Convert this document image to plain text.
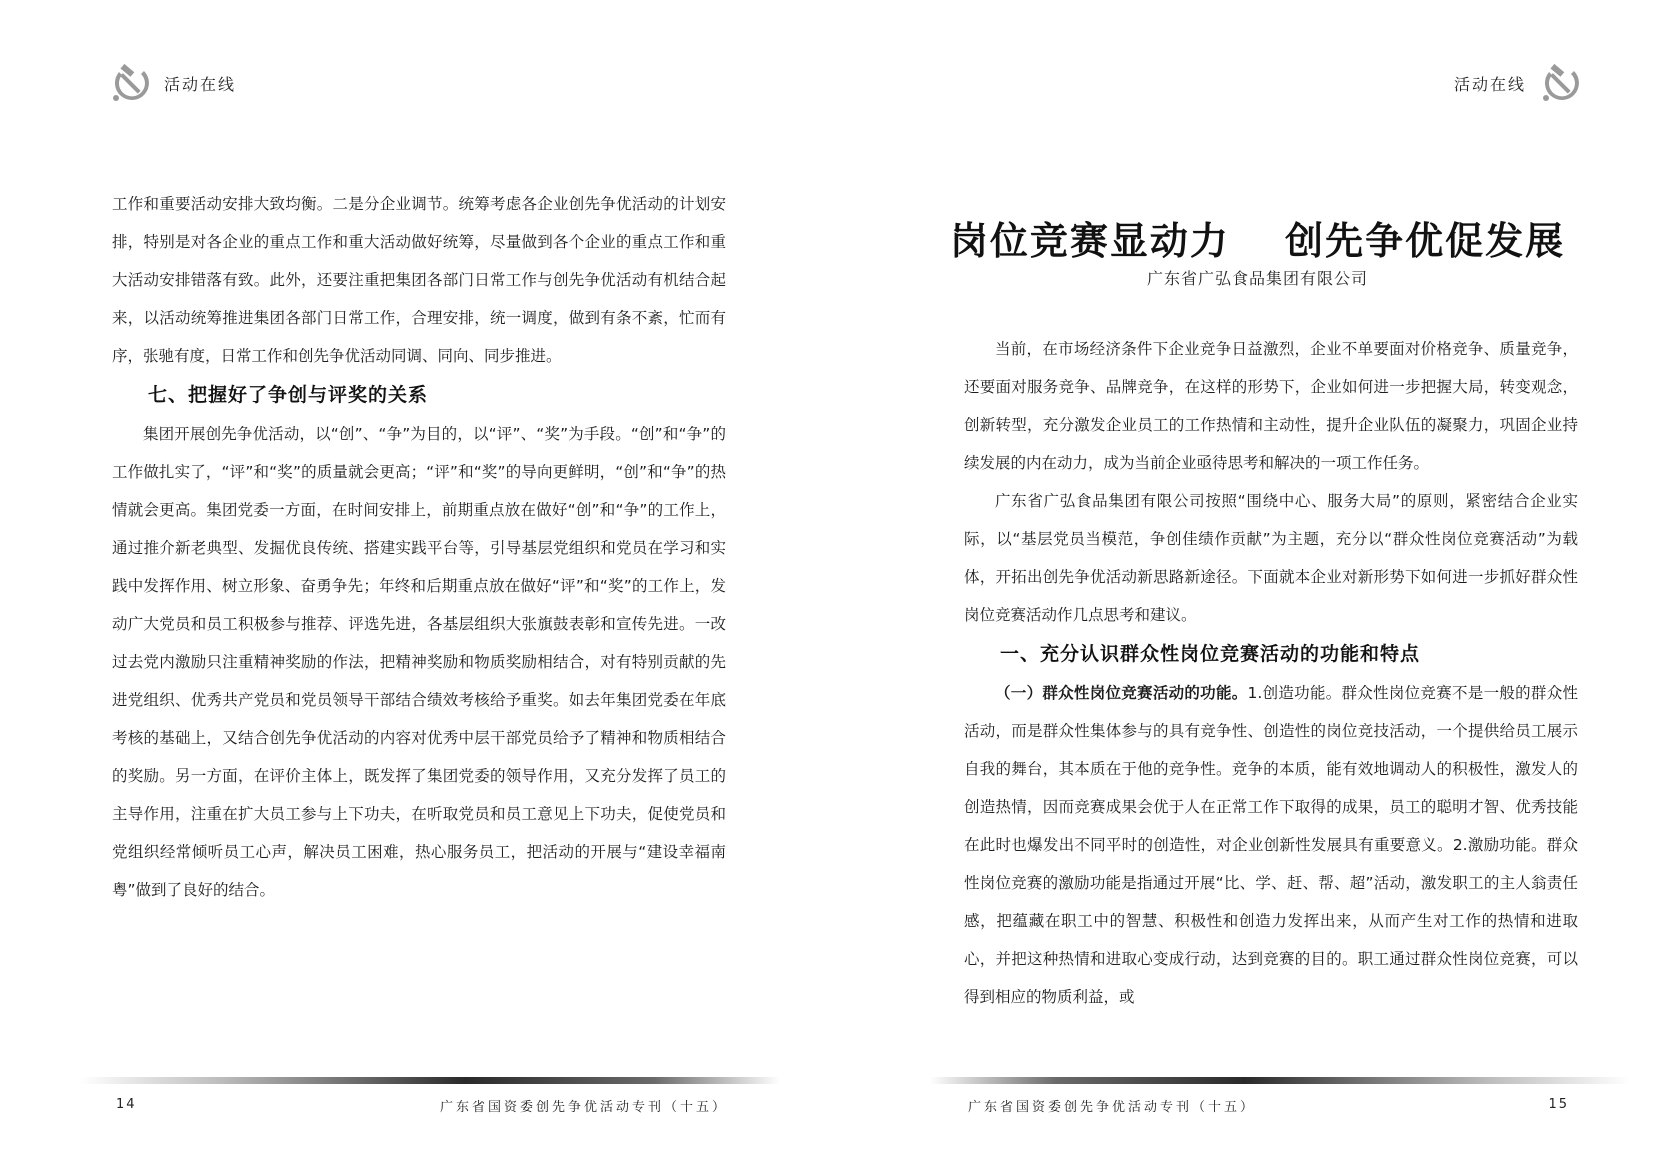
活动在线

工作和重要活动安排大致均衡。二是分企业调节。统筹考虑各企业创先争优活动的计划安排，特别是对各企业的重点工作和重大活动做好统筹，尽量做到各个企业的重点工作和重大活动安排错落有致。此外，还要注重把集团各部门日常工作与创先争优活动有机结合起来，以活动统筹推进集团各部门日常工作，合理安排，统一调度，做到有条不紊，忙而有序，张驰有度，日常工作和创先争优活动同调、同向、同步推进。

七、把握好了争创与评奖的关系

集团开展创先争优活动，以“创”、“争”为目的，以“评”、“奖”为手段。“创”和“争”的工作做扎实了，“评”和“奖”的质量就会更高；“评”和“奖”的导向更鲜明，“创”和“争”的热情就会更高。集团党委一方面，在时间安排上，前期重点放在做好“创”和“争”的工作上，通过推介新老典型、发掘优良传统、搭建实践平台等，引导基层党组织和党员在学习和实践中发挥作用、树立形象、奋勇争先；年终和后期重点放在做好“评”和“奖”的工作上，发动广大党员和员工积极参与推荐、评选先进，各基层组织大张旗鼓表彰和宣传先进。一改过去党内激励只注重精神奖励的作法，把精神奖励和物质奖励相结合，对有特别贡献的先进党组织、优秀共产党员和党员领导干部结合绩效考核给予重奖。如去年集团党委在年底考核的基础上，又结合创先争优活动的内容对优秀中层干部党员给予了精神和物质相结合的奖励。另一方面，在评价主体上，既发挥了集团党委的领导作用，又充分发挥了员工的主导作用，注重在扩大员工参与上下功夫，在听取党员和员工意见上下功夫，促使党员和党组织经常倾听员工心声，解决员工困难，热心服务员工，把活动的开展与“建设幸福南粤”做到了良好的结合。

14	广东省国资委创先争优活动专刊（十五）
活动在线
岗位竞赛显动力　 创先争优促发展
广东省广弘食品集团有限公司

当前，在市场经济条件下企业竞争日益激烈，企业不单要面对价格竞争、质量竞争，还要面对服务竞争、品牌竞争，在这样的形势下，企业如何进一步把握大局，转变观念，创新转型，充分激发企业员工的工作热情和主动性，提升企业队伍的凝聚力，巩固企业持续发展的内在动力，成为当前企业亟待思考和解决的一项工作任务。

广东省广弘食品集团有限公司按照“围绕中心、服务大局”的原则，紧密结合企业实际，以“基层党员当模范，争创佳绩作贡献”为主题，充分以“群众性岗位竞赛活动”为载体，开拓出创先争优活动新思路新途径。下面就本企业对新形势下如何进一步抓好群众性岗位竞赛活动作几点思考和建议。

一、充分认识群众性岗位竞赛活动的功能和特点

（一）群众性岗位竞赛活动的功能。1.创造功能。群众性岗位竞赛不是一般的群众性活动，而是群众性集体参与的具有竞争性、创造性的岗位竞技活动，一个提供给员工展示自我的舞台，其本质在于他的竞争性。竞争的本质，能有效地调动人的积极性，激发人的创造热情，因而竞赛成果会优于人在正常工作下取得的成果，员工的聪明才智、优秀技能在此时也爆发出不同平时的创造性，对企业创新性发展具有重要意义。2.激励功能。群众性岗位竞赛的激励功能是指通过开展“比、学、赶、帮、超”活动，激发职工的主人翁责任感，把蕴藏在职工中的智慧、积极性和创造力发挥出来，从而产生对工作的热情和进取心，并把这种热情和进取心变成行动，达到竞赛的目的。职工通过群众性岗位竞赛，可以得到相应的物质利益，或

广东省国资委创先争优活动专刊（十五）	15
